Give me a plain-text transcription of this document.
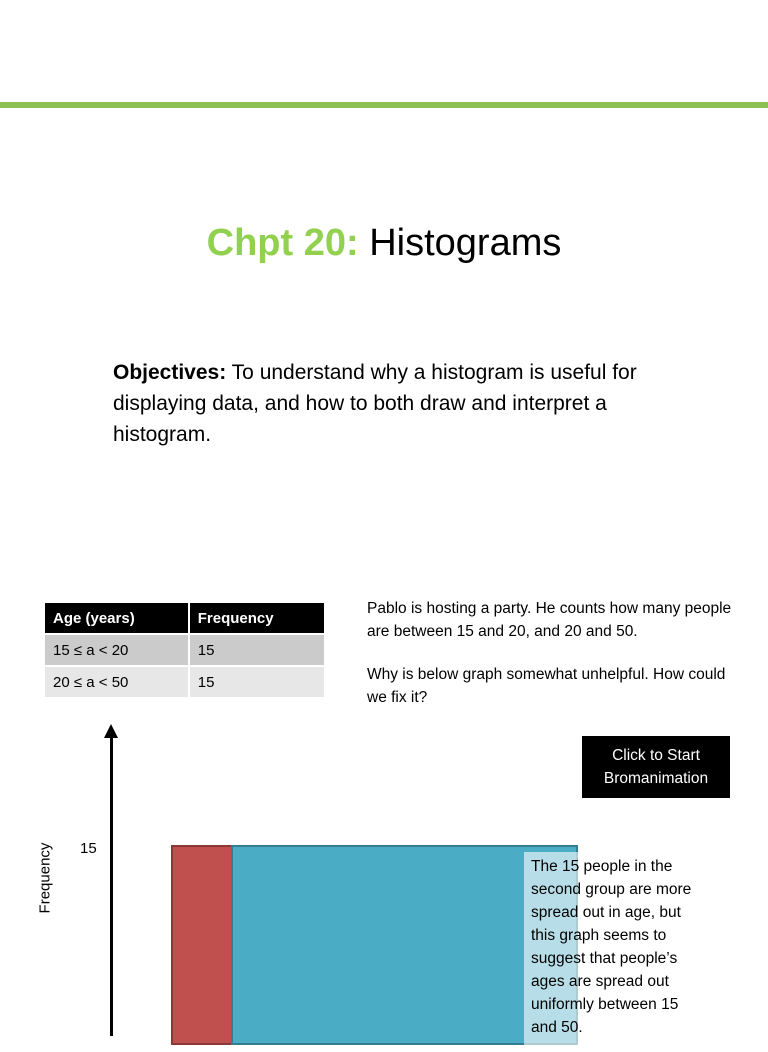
Chpt 20: Histograms
Objectives: To understand why a histogram is useful for displaying data, and how to both draw and interpret a histogram.
Age (years)	Frequency
15 ≤ a < 20	15
20 ≤ a < 50	15

Pablo is hosting a party. He counts how many people are between 15 and 20, and 20 and 50.

Why is below graph somewhat unhelpful. How could we fix it?

Click to Start Bromanimation
Frequency 15
The 15 people in the second group are more spread out in age, but this graph seems to suggest that people’s ages are spread out uniformly between 15 and 50.
